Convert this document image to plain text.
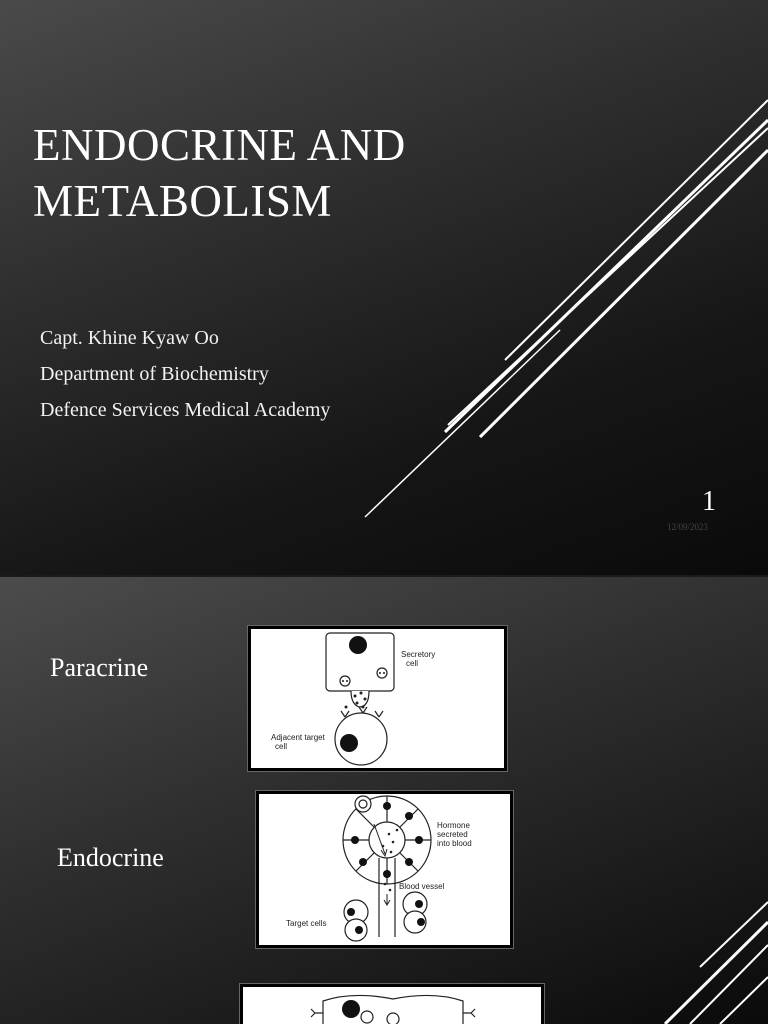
ENDOCRINE AND
METABOLISM
Capt. Khine Kyaw Oo
Department of Biochemistry
Defence Services Medical Academy
1
12/09/2023
Paracrine
Endocrine
Secretory
cell
Adjacent target
cell
Hormone
secreted
into blood
Blood vessel
Target cells
